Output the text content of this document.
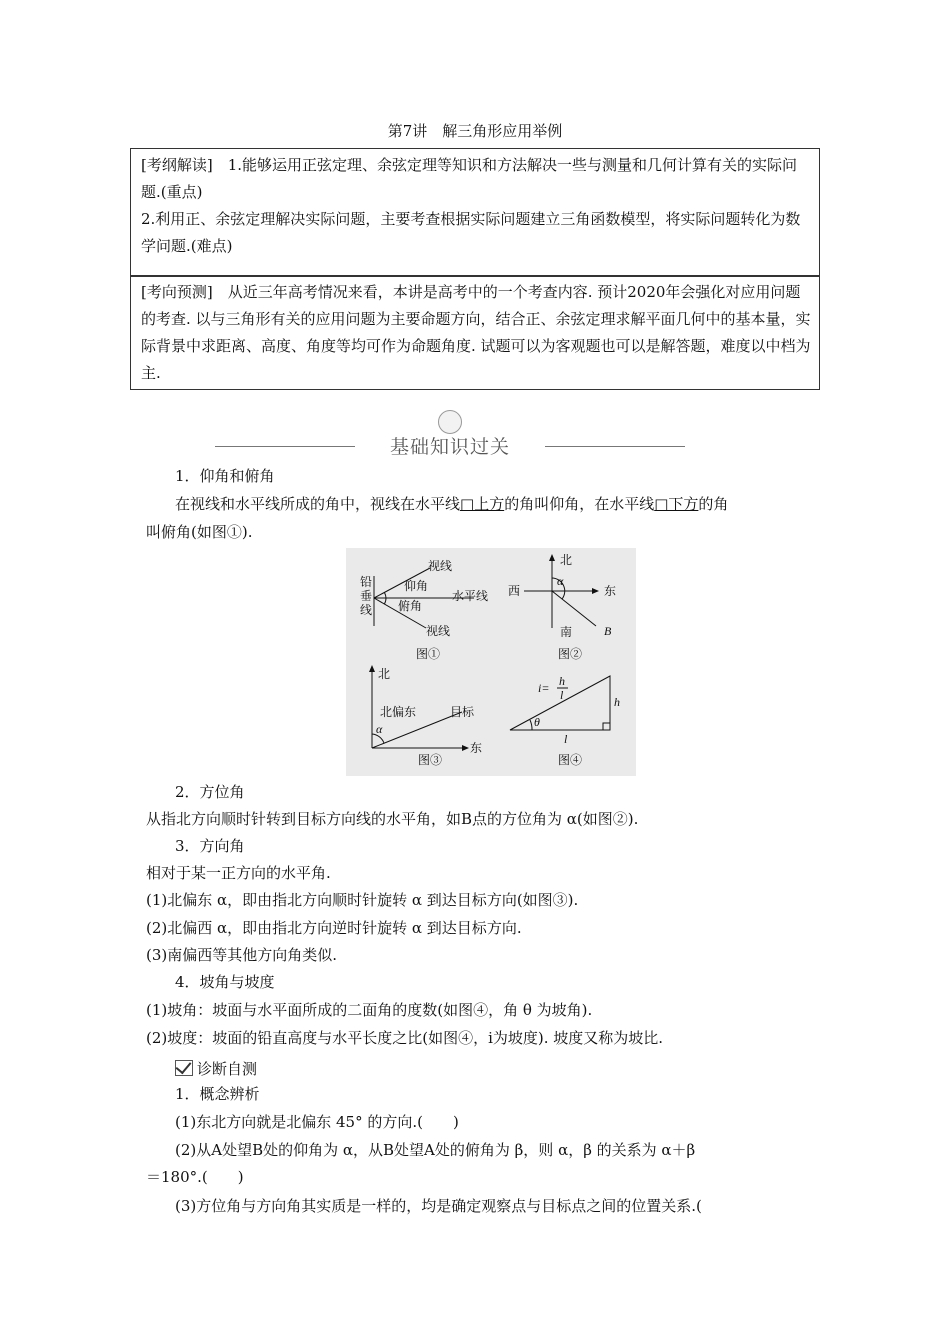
第7讲　解三角形应用举例
[考纲解读]　1.能够运用正弦定理、余弦定理等知识和方法解决一些与测量和几何计算有关的实际问题.(重点)
2.利用正、余弦定理解决实际问题，主要考查根据实际问题建立三角函数模型，将实际问题转化为数学问题.(难点)
[考向预测]　从近三年高考情况来看，本讲是高考中的一个考查内容. 预计2020年会强化对应用问题的考查. 以与三角形有关的应用问题为主要命题方向，结合正、余弦定理求解平面几何中的基本量，实际背景中求距离、高度、角度等均可作为命题角度. 试题可以为客观题也可以是解答题，难度以中档为主.
基础知识过关
1．仰角和俯角
在视线和水平线所成的角中，视线在水平线□上方的角叫仰角，在水平线□下方的角
叫俯角(如图①).
视线
仰角
水平线
俯角
视线
铅
垂
线
图①
北
西	东
南
α
B
图②
北
东
北偏东	目标
α
图③
i= h
l	h
θ
l
图④
2．方位角
从指北方向顺时针转到目标方向线的水平角，如B点的方位角为 α(如图②).
3．方向角
相对于某一正方向的水平角.
(1)北偏东 α，即由指北方向顺时针旋转 α 到达目标方向(如图③).
(2)北偏西 α，即由指北方向逆时针旋转 α 到达目标方向.
(3)南偏西等其他方向角类似.
4．坡角与坡度
(1)坡角：坡面与水平面所成的二面角的度数(如图④，角 θ 为坡角).
(2)坡度：坡面的铅直高度与水平长度之比(如图④，i为坡度). 坡度又称为坡比.
诊断自测
1．概念辨析
(1)东北方向就是北偏东 45° 的方向.(　　)
(2)从A处望B处的仰角为 α，从B处望A处的俯角为 β，则 α，β 的关系为 α＋β
＝180°.(　　)
(3)方位角与方向角其实质是一样的，均是确定观察点与目标点之间的位置关系.(
